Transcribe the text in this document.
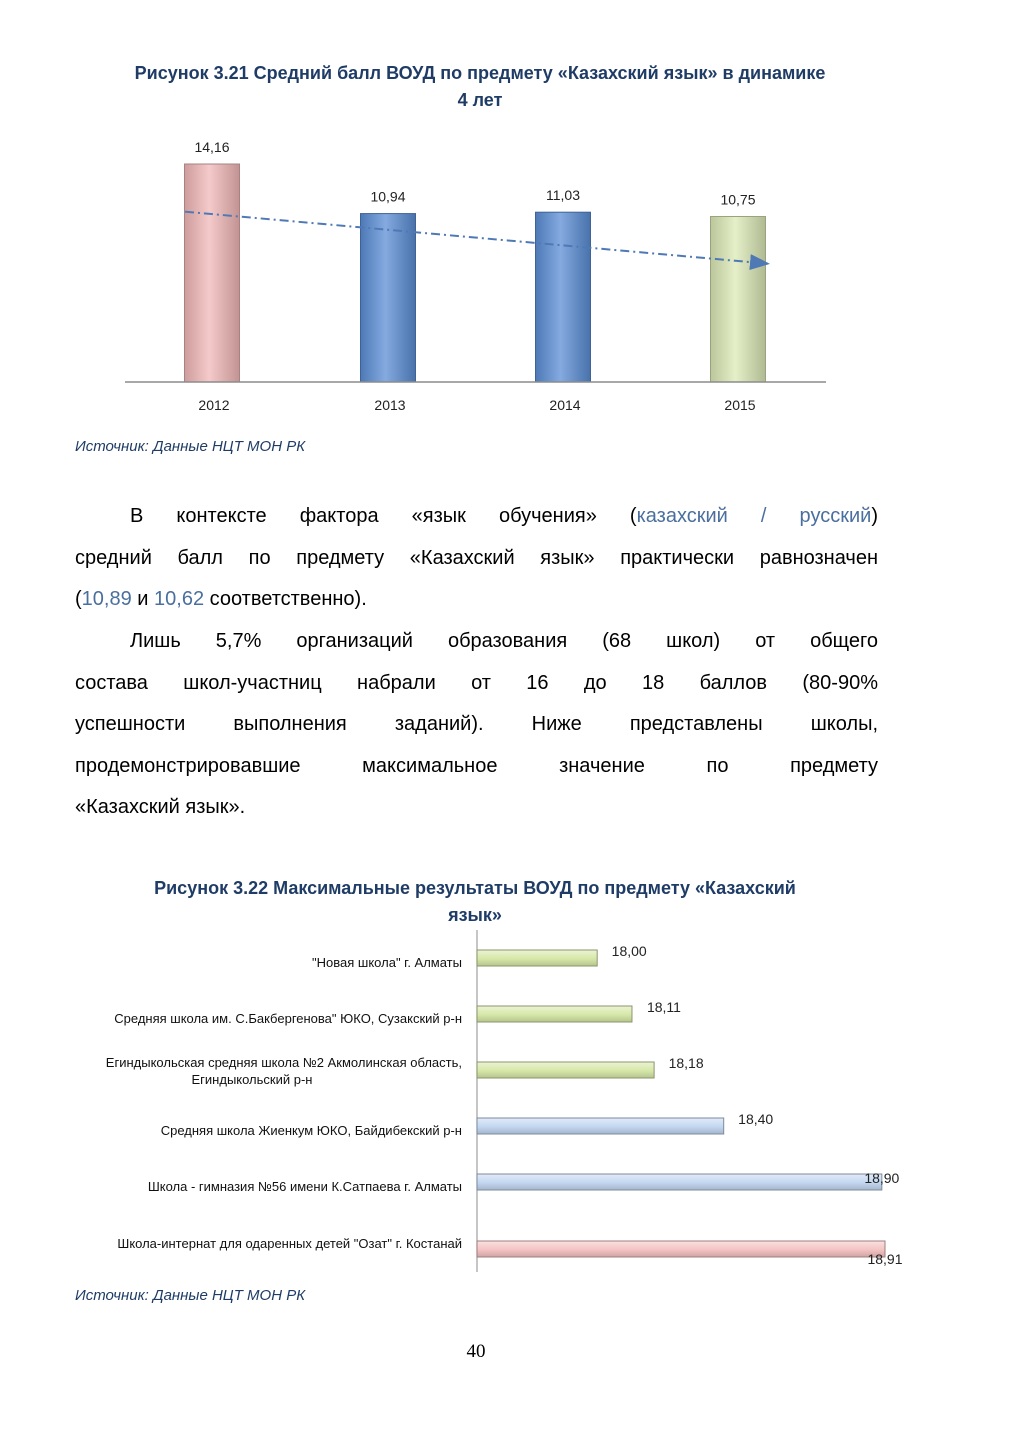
Рисунок 3.21 Средний балл ВОУД по предмету «Казахский язык» в динамике
4 лет
14,16
2012
10,94
2013
11,03
2014
10,75
2015
Источник: Данные НЦТ МОН РК
В контексте фактора «язык обучения» (казахский / русский)
средний балл по предмету «Казахский язык» практически равнозначен
(10,89 и 10,62 соответственно).
Лишь 5,7% организаций образования (68 школ) от общего
состава школ-участниц набрали от 16 до 18 баллов (80-90%
успешности выполнения заданий). Ниже представлены школы,
продемонстрировавшие максимальное значение по предмету
«Казахский язык».
Рисунок 3.22 Максимальные результаты ВОУД по предмету «Казахский
язык»
18,00
"Новая школа" г. Алматы
18,11
Средняя школа им. С.Бакбергенова" ЮКО, Сузакский р-н
18,18
Егиндыкольская средняя школа №2 Акмолинская область,
Егиндыкольский р-н
18,40
Средняя школа Жиенкум ЮКО, Байдибекский р-н
18,90
Школа - гимназия №56 имени К.Сатпаева г. Алматы
18,91
Школа-интернат для одаренных детей "Озат" г. Костанай
Источник: Данные НЦТ МОН РК
40
